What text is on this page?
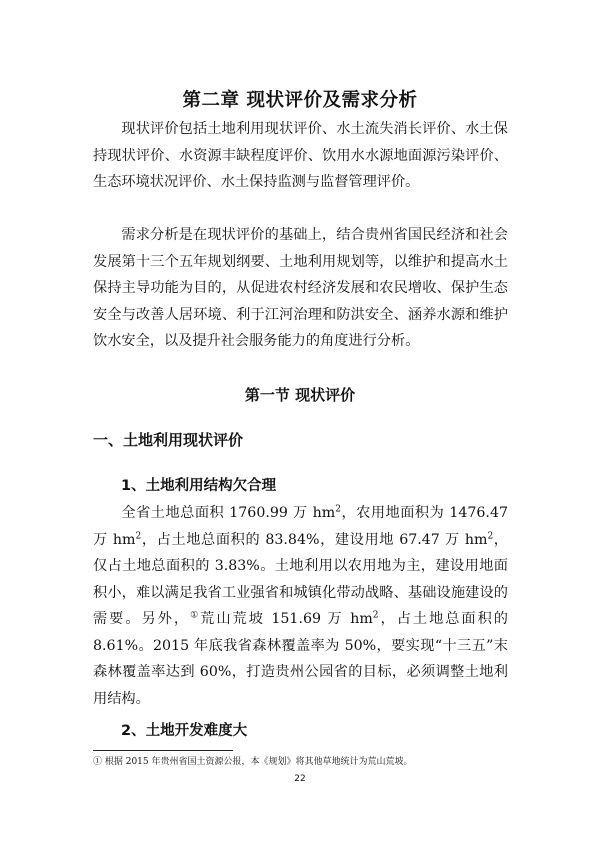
第二章 现状评价及需求分析

现状评价包括土地利用现状评价、水土流失消长评价、水土保持现状评价、水资源丰缺程度评价、饮用水水源地面源污染评价、生态环境状况评价、水土保持监测与监督管理评价。

需求分析是在现状评价的基础上，结合贵州省国民经济和社会发展第十三个五年规划纲要、土地利用规划等，以维护和提高水土保持主导功能为目的，从促进农村经济发展和农民增收、保护生态安全与改善人居环境、利于江河治理和防洪安全、涵养水源和维护饮水安全，以及提升社会服务能力的角度进行分析。

第一节 现状评价
一、土地利用现状评价
1、土地利用结构欠合理

全省土地总面积 1760.99 万 $hm^2$，农用地面积为 1476.47 万 $hm^2$，占土地总面积的 83.84%，建设用地 67.47 万 $hm^2$，仅占土地总面积的 3.83%。土地利用以农用地为主，建设用地面积小，难以满足我省工业强省和城镇化带动战略、基础设施建设的需要。另外，①荒山荒坡 151.69 万 $hm^2$，占土地总面积的 8.61%。2015 年底我省森林覆盖率为 50%，要实现“十三五”末森林覆盖率达到 60%，打造贵州公园省的目标，必须调整土地利用结构。

2、土地开发难度大
① 根据 2015 年贵州省国土资源公报，本《规划》将其他草地统计为荒山荒坡。
22
